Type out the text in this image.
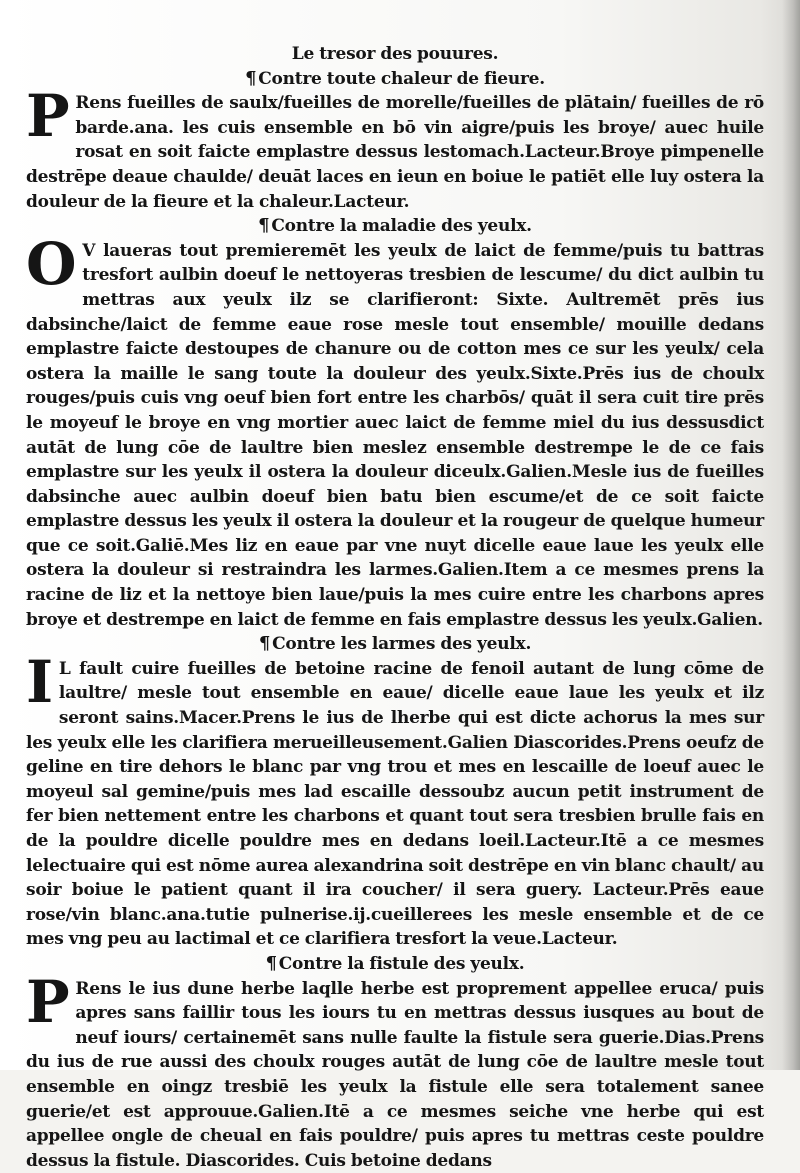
Le tresor des pouures.
¶ Contre toute chaleur de fieure.

P Rens fueilles de saulx/fueilles de morelle/fueilles de plātain/ fueilles de rō barde.ana. les cuis ensemble en bō vin aigre/puis les broye/ auec huile rosat en soit faicte emplastre dessus lestomach.Lacteur.Broye pimpenelle destrēpe deaue chaulde/ deuāt laces en ieun en boiue le patiēt elle luy ostera la douleur de la fieure et la chaleur.Lacteur.

¶ Contre la maladie des yeulx.

O V laueras tout premieremēt les yeulx de laict de femme/puis tu battras tresfort aulbin doeuf le nettoyeras tresbien de lescume/ du dict aulbin tu mettras aux yeulx ilz se clarifieront: Sixte. Aultremēt prēs ius dabsinche/laict de femme eaue rose mesle tout ensemble/ mouille dedans emplastre faicte destoupes de chanure ou de cotton mes ce sur les yeulx/ cela ostera la maille le sang toute la douleur des yeulx.Sixte.Prēs ius de choulx rouges/puis cuis vng oeuf bien fort entre les charbōs/ quāt il sera cuit tire prēs le moyeuf le broye en vng mortier auec laict de femme miel du ius dessusdict autāt de lung cōe de laultre bien meslez ensemble destrempe le de ce fais emplastre sur les yeulx il ostera la douleur diceulx.Galien.Mesle ius de fueilles dabsinche auec aulbin doeuf bien batu bien escume/et de ce soit faicte emplastre dessus les yeulx il ostera la douleur et la rougeur de quelque humeur que ce soit.Galiē.Mes liz en eaue par vne nuyt dicelle eaue laue les yeulx elle ostera la douleur si restraindra les larmes.Galien.Item a ce mesmes prens la racine de liz et la nettoye bien laue/puis la mes cuire entre les charbons apres broye et destrempe en laict de femme en fais emplastre dessus les yeulx.Galien.

¶ Contre les larmes des yeulx.

I L fault cuire fueilles de betoine racine de fenoil autant de lung cōme de laultre/ mesle tout ensemble en eaue/ dicelle eaue laue les yeulx et ilz seront sains.Macer.Prens le ius de lherbe qui est dicte achorus la mes sur les yeulx elle les clarifiera merueilleusement.Galien Diascorides.Prens oeufz de geline en tire dehors le blanc par vng trou et mes en lescaille de loeuf auec le moyeul sal gemine/puis mes lad escaille dessoubz aucun petit instrument de fer bien nettement entre les charbons et quant tout sera tresbien brulle fais en de la pouldre dicelle pouldre mes en dedans loeil.Lacteur.Itē a ce mesmes lelectuaire qui est nōme aurea alexandrina soit destrēpe en vin blanc chault/ au soir boiue le patient quant il ira coucher/ il sera guery. Lacteur.Prēs eaue rose/vin blanc.ana.tutie pulnerise.ij.cueillerees les mesle ensemble et de ce mes vng peu au lactimal et ce clarifiera tresfort la veue.Lacteur.

¶ Contre la fistule des yeulx.

P Rens le ius dune herbe laqlle herbe est proprement appellee eruca/ puis apres sans faillir tous les iours tu en mettras dessus iusques au bout de neuf iours/ certainemēt sans nulle faulte la fistule sera guerie.Dias.Prens du ius de rue aussi des choulx rouges autāt de lung cōe de laultre mesle tout ensemble en oingz tresbiē les yeulx la fistule elle sera totalement sanee guerie/et est approuue.Galien.Itē a ce mesmes seiche vne herbe qui est appellee ongle de cheual en fais pouldre/ puis apres tu mettras ceste pouldre dessus la fistule. Diascorides. Cuis betoine dedans
